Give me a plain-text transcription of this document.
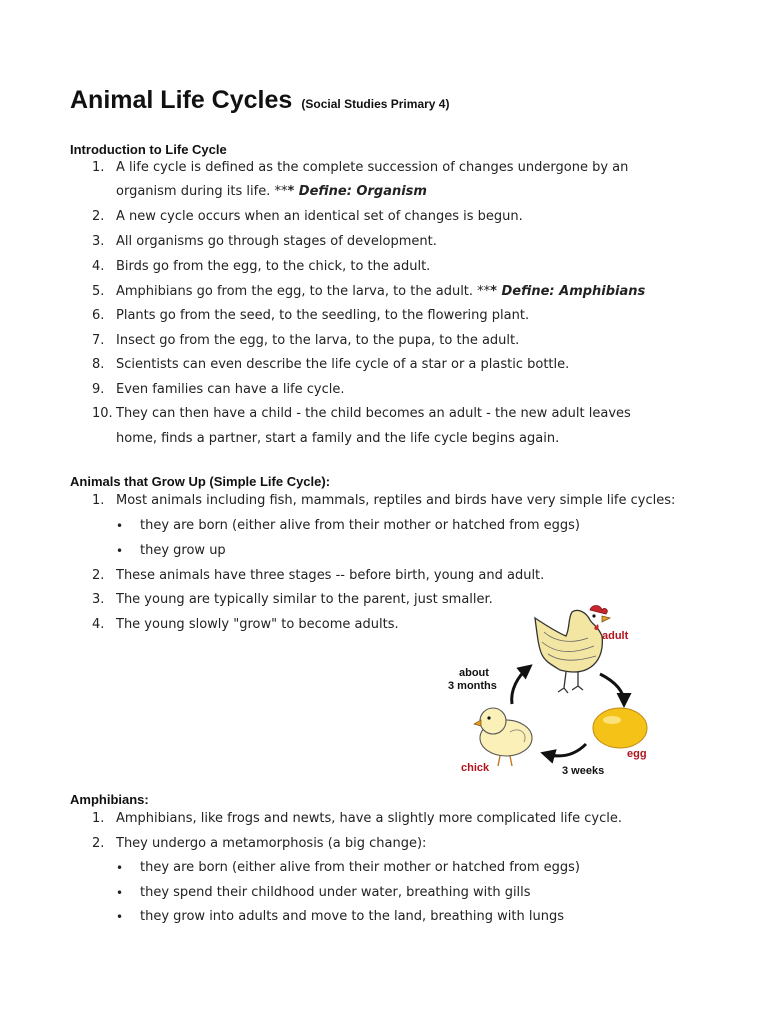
Animal Life Cycles (Social Studies Primary 4)
Introduction to Life Cycle
1. A life cycle is defined as the complete succession of changes undergone by an
organism during its life. *** Define: Organism
2. A new cycle occurs when an identical set of changes is begun.
3. All organisms go through stages of development.
4. Birds go from the egg, to the chick, to the adult.
5. Amphibians go from the egg, to the larva, to the adult. *** Define: Amphibians
6. Plants go from the seed, to the seedling, to the flowering plant.
7. Insect go from the egg, to the larva, to the pupa, to the adult.
8. Scientists can even describe the life cycle of a star or a plastic bottle.
9. Even families can have a life cycle.
10. They can then have a child - the child becomes an adult - the new adult leaves
home, finds a partner, start a family and the life cycle begins again.
Animals that Grow Up (Simple Life Cycle):
1. Most animals including fish, mammals, reptiles and birds have very simple life cycles:
• they are born (either alive from their mother or hatched from eggs)
• they grow up
2. These animals have three stages -- before birth, young and adult.
3. The young are typically similar to the parent, just smaller.
4. The young slowly "grow" to become adults.
adult
egg
chick	3 weeks
about
3 months
Amphibians:
1. Amphibians, like frogs and newts, have a slightly more complicated life cycle.
2. They undergo a metamorphosis (a big change):
• they are born (either alive from their mother or hatched from eggs)
• they spend their childhood under water, breathing with gills
• they grow into adults and move to the land, breathing with lungs
